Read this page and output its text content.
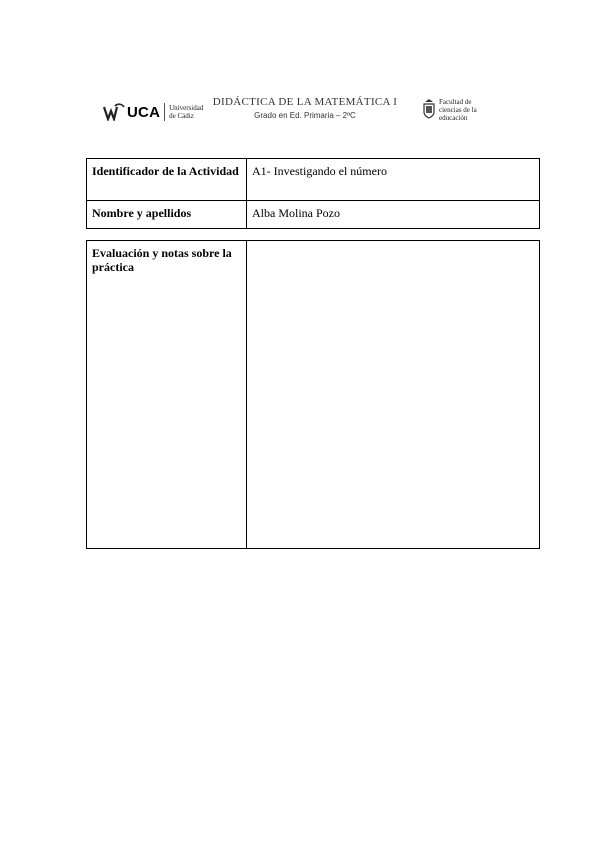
UCA Universidad
de Cádiz
DIDÁCTICA DE LA MATEMÁTICA I
Grado en Ed. Primaria – 2ºC
Facultad de
ciencias de la
educación
Identificador de la Actividad	A1- Investigando el número
Nombre y apellidos	Alba Molina Pozo
Evaluación y notas sobre la práctica	
